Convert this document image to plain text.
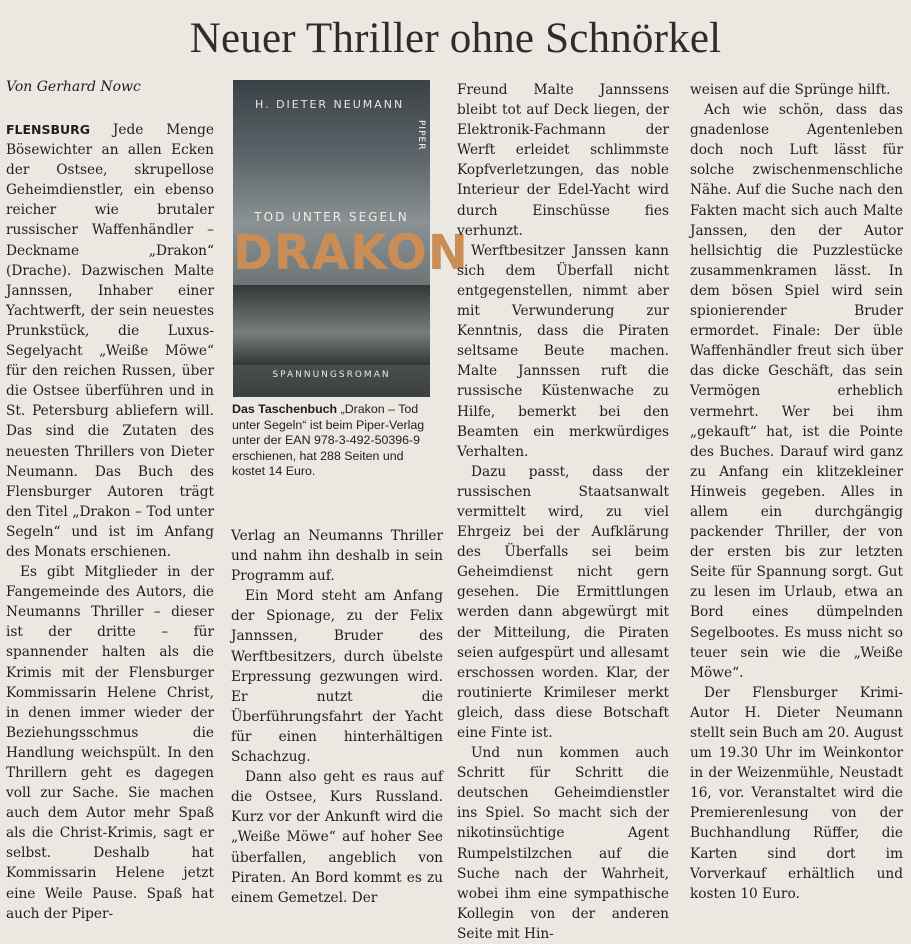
Neuer Thriller ohne Schnörkel
Von Gerhard Nowc

FLENSBURG Jede Menge Bösewichter an allen Ecken der Ostsee, skrupellose Geheimdienstler, ein ebenso reicher wie brutaler russischer Waffenhändler – Deckname „Drakon“ (Drache). Dazwischen Malte Jannssen, Inhaber einer Yachtwerft, der sein neuestes Prunkstück, die Luxus-Segelyacht „Weiße Möwe“ für den reichen Russen, über die Ostsee überführen und in St. Petersburg abliefern will. Das sind die Zutaten des neuesten Thrillers von Dieter Neumann. Das Buch des Flensburger Autoren trägt den Titel „Drakon – Tod unter Segeln“ und ist im Anfang des Monats erschienen.

Es gibt Mitglieder in der Fangemeinde des Autors, die Neumanns Thriller – dieser ist der dritte – für spannender halten als die Krimis mit der Flensburger Kommissarin Helene Christ, in denen immer wieder der Beziehungsschmus die Handlung weichspült. In den Thrillern geht es dagegen voll zur Sache. Sie machen auch dem Autor mehr Spaß als die Christ-Krimis, sagt er selbst. Deshalb hat Kommissarin Helene jetzt eine Weile Pause. Spaß hat auch der Piper-

H. DIETER NEUMANN
PIPER
TOD UNTER SEGELN
DRAKON
SPANNUNGSROMAN
Das Taschenbuch „Drakon – Tod unter Segeln“ ist beim Piper-Verlag unter der EAN 978-3-492-50396-9 erschienen, hat 288 Seiten und kostet 14 Euro.

Verlag an Neumanns Thriller und nahm ihn deshalb in sein Programm auf.

Ein Mord steht am Anfang der Spionage, zu der Felix Jannssen, Bruder des Werftbesitzers, durch übelste Erpressung gezwungen wird. Er nutzt die Überführungsfahrt der Yacht für einen hinterhältigen Schachzug.

Dann also geht es raus auf die Ostsee, Kurs Russland. Kurz vor der Ankunft wird die „Weiße Möwe“ auf hoher See überfallen, angeblich von Piraten. An Bord kommt es zu einem Gemetzel. Der

Freund Malte Jannssens bleibt tot auf Deck liegen, der Elektronik-Fachmann der Werft erleidet schlimmste Kopfverletzungen, das noble Interieur der Edel-Yacht wird durch Einschüsse fies verhunzt.

Werftbesitzer Janssen kann sich dem Überfall nicht entgegenstellen, nimmt aber mit Verwunderung zur Kenntnis, dass die Piraten seltsame Beute machen. Malte Jannssen ruft die russische Küstenwache zu Hilfe, bemerkt bei den Beamten ein merkwürdiges Verhalten.

Dazu passt, dass der russischen Staatsanwalt vermittelt wird, zu viel Ehrgeiz bei der Aufklärung des Überfalls sei beim Geheimdienst nicht gern gesehen. Die Ermittlungen werden dann abgewürgt mit der Mitteilung, die Piraten seien aufgespürt und allesamt erschossen worden. Klar, der routinierte Krimileser merkt gleich, dass diese Botschaft eine Finte ist.

Und nun kommen auch Schritt für Schritt die deutschen Geheimdienstler ins Spiel. So macht sich der nikotinsüchtige Agent Rumpelstilzchen auf die Suche nach der Wahrheit, wobei ihm eine sympathische Kollegin von der anderen Seite mit Hin-

weisen auf die Sprünge hilft.

Ach wie schön, dass das gnadenlose Agentenleben doch noch Luft lässt für solche zwischenmenschliche Nähe. Auf die Suche nach den Fakten macht sich auch Malte Janssen, den der Autor hellsichtig die Puzzlestücke zusammenkramen lässt. In dem bösen Spiel wird sein spionierender Bruder ermordet. Finale: Der üble Waffenhändler freut sich über das dicke Geschäft, das sein Vermögen erheblich vermehrt. Wer bei ihm „gekauft“ hat, ist die Pointe des Buches. Darauf wird ganz zu Anfang ein klitzekleiner Hinweis gegeben. Alles in allem ein durchgängig packender Thriller, der von der ersten bis zur letzten Seite für Spannung sorgt. Gut zu lesen im Urlaub, etwa an Bord eines dümpelnden Segelbootes. Es muss nicht so teuer sein wie die „Weiße Möwe“.

Der Flensburger Krimi-Autor H. Dieter Neumann stellt sein Buch am 20. August um 19.30 Uhr im Weinkontor in der Weizenmühle, Neustadt 16, vor. Veranstaltet wird die Premierenlesung von der Buchhandlung Rüffer, die Karten sind dort im Vorverkauf erhältlich und kosten 10 Euro.
